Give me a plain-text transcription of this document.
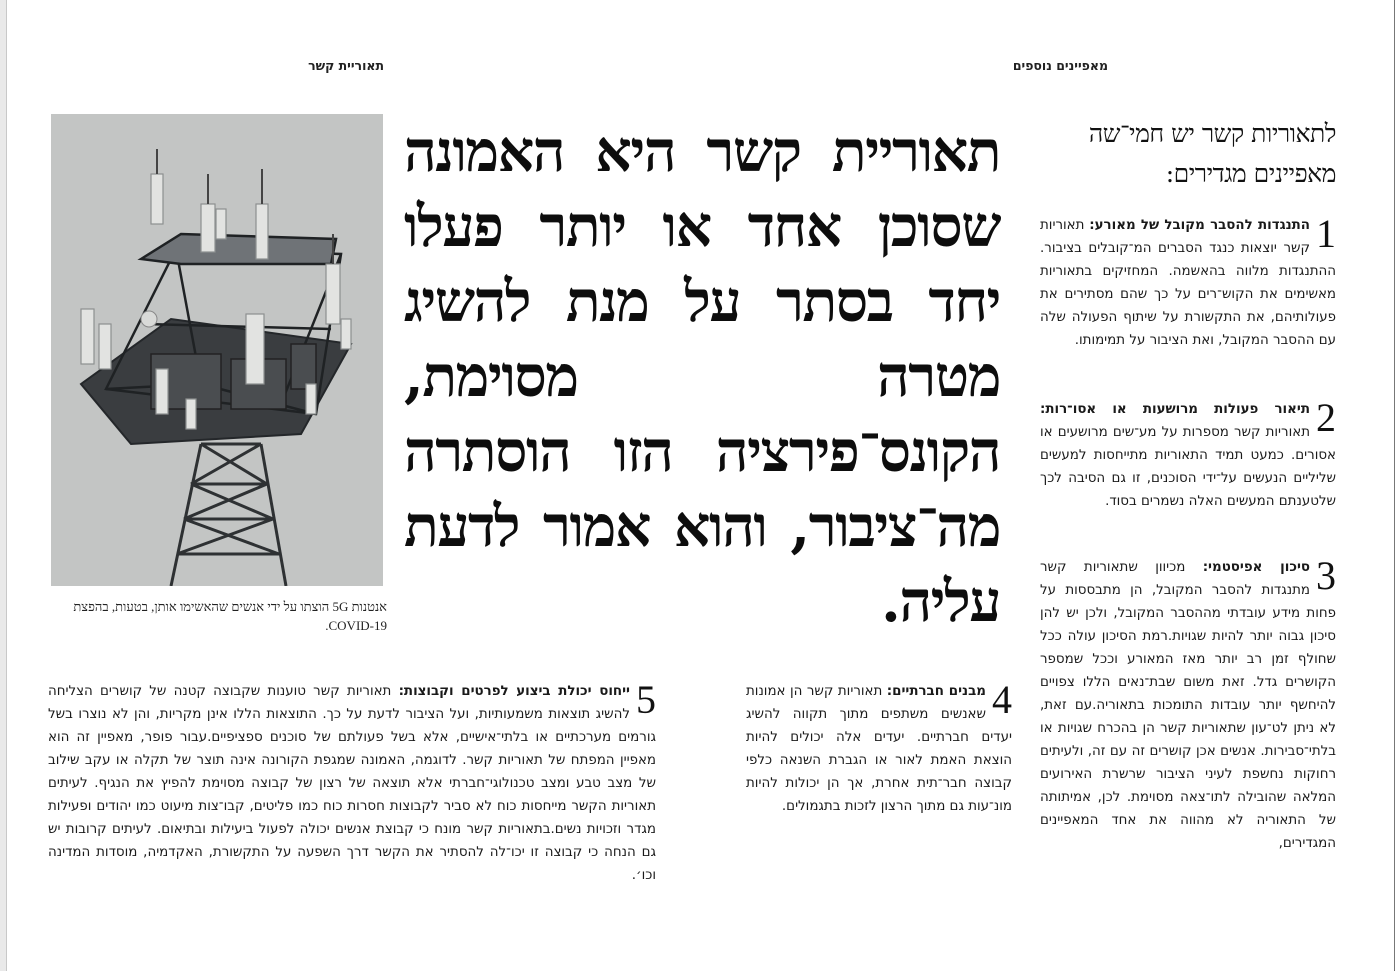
מאפיינים נוספים
תאוריית קשר
אנטנות 5G הוצתו על ידי אנשים שהאשימו אותן, בטעות, בהפצת COVID-19.
תאוריית קשר היא האמונה שסוכן אחד או יותר פעלו יחד בסתר על מנת להשיג מטרה מסוימת, הקונס־פירציה הזו הוסתרה מה־ציבור, והוא אמור לדעת עליה.
לתאוריות קשר יש חמי־שה מאפיינים מגדירים:
1
התנגדות להסבר מקובל של מאורע: תאוריות קשר יוצאות כנגד הסברים המ־קובלים בציבור. ההתנגדות מלווה בהאשמה. המחזיקים בתאוריות מאשימים את הקוש־רים על כך שהם מסתירים את פעולותיהם, את התקשורת על שיתוף הפעולה שלה עם ההסבר המקובל, ואת הציבור על תמימותו.
2
תיאור פעולות מרושעות או אסו־רות: תאוריות קשר מספרות על מע־שים מרושעים או אסורים. כמעט תמיד התאוריות מתייחסות למעשים שליליים הנעשים על־ידי הסוכנים, זו גם הסיבה לכך שלטענתם המעשים האלה נשמרים בסוד.
3
סיכון אפיסטמי: מכיוון שתאוריות קשר מתנגדות להסבר המקובל, הן מתבססות על פחות מידע עובדתי מההסבר המקובל, ולכן יש להן סיכון גבוה יותר להיות שגויות.רמת הסיכון עולה ככל שחולף זמן רב יותר מאז המאורע וככל שמספר הקושרים גדל. זאת משום שבת־נאים הללו צפויים להיחשף יותר עובדות התומכות בתאוריה.עם זאת, לא ניתן לט־עון שתאוריות קשר הן בהכרח שגויות או בלתי־סבירות. אנשים אכן קושרים זה עם זה, ולעיתים רחוקות נחשפת לעיני הציבור שרשרת האירועים המלאה שהובילה לתו־צאה מסוימת. לכן, אמיתותה של התאוריה לא מהווה את אחד המאפיינים המגדירים,
4
מבנים חברתיים: תאוריות קשר הן אמונות שאנשים משתפים מתוך תקווה להשיג יעדים חברתיים. יעדים אלה יכולים להיות הוצאת האמת לאור או הגברת השנאה כלפי קבוצה חבר־תית אחרת, אך הן יכולות להיות מונ־עות גם מתוך הרצון לזכות בתגמולים.
5
ייחוס יכולת ביצוע לפרטים וקבוצות: תאוריות קשר טוענות שקבוצה קטנה של קושרים הצליחה להשיג תוצאות משמעותיות, ועל הציבור לדעת על כך. התוצאות הללו אינן מקריות, והן לא נוצרו בשל גורמים מערכתיים או בלתי־אישיים, אלא בשל פעולתם של סוכנים ספציפיים.עבור פופר, מאפיין זה הוא מאפיין המפתח של תאוריות קשר. לדוגמה, האמונה שמגפת הקורונה אינה תוצר של תקלה או עקב שילוב של מצב טבע ומצב טכנולוגי־חברתי אלא תוצאה של רצון של קבוצה מסוימת להפיץ את הנגיף. לעיתים תאוריות הקשר מייחסות כוח לא סביר לקבוצות חסרות כוח כמו פליטים, קבו־צות מיעוט כמו יהודים ופעילות מגדר וזכויות נשים.בתאוריות קשר מונח כי קבוצת אנשים יכולה לפעול ביעילות ובתיאום. לעיתים קרובות יש גם הנחה כי קבוצה זו יכו־לה להסתיר את הקשר דרך השפעה על התקשורת, האקדמיה, מוסדות המדינה וכו׳.
